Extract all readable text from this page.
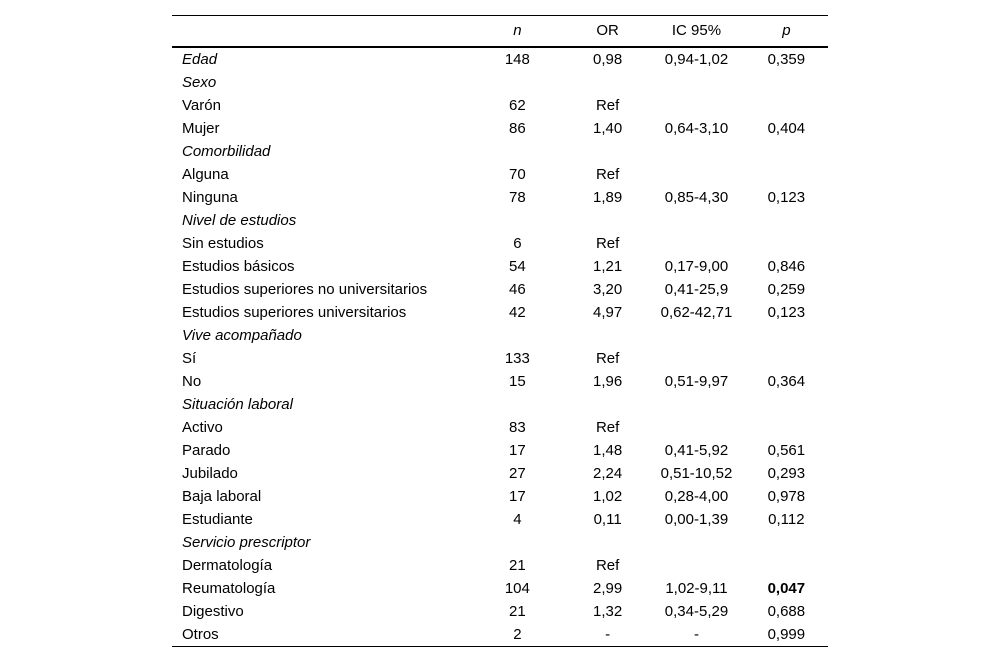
	n	OR	IC 95%	p
Edad	148	0,98	0,94-1,02	0,359
Sexo				
Varón	62	Ref		
Mujer	86	1,40	0,64-3,10	0,404
Comorbilidad				
Alguna	70	Ref		
Ninguna	78	1,89	0,85-4,30	0,123
Nivel de estudios				
Sin estudios	6	Ref		
Estudios básicos	54	1,21	0,17-9,00	0,846
Estudios superiores no universitarios	46	3,20	0,41-25,9	0,259
Estudios superiores universitarios	42	4,97	0,62-42,71	0,123
Vive acompañado				
Sí	133	Ref		
No	15	1,96	0,51-9,97	0,364
Situación laboral				
Activo	83	Ref		
Parado	17	1,48	0,41-5,92	0,561
Jubilado	27	2,24	0,51-10,52	0,293
Baja laboral	17	1,02	0,28-4,00	0,978
Estudiante	4	0,11	0,00-1,39	0,112
Servicio prescriptor				
Dermatología	21	Ref		
Reumatología	104	2,99	1,02-9,11	0,047
Digestivo	21	1,32	0,34-5,29	0,688
Otros	2	-	-	0,999
